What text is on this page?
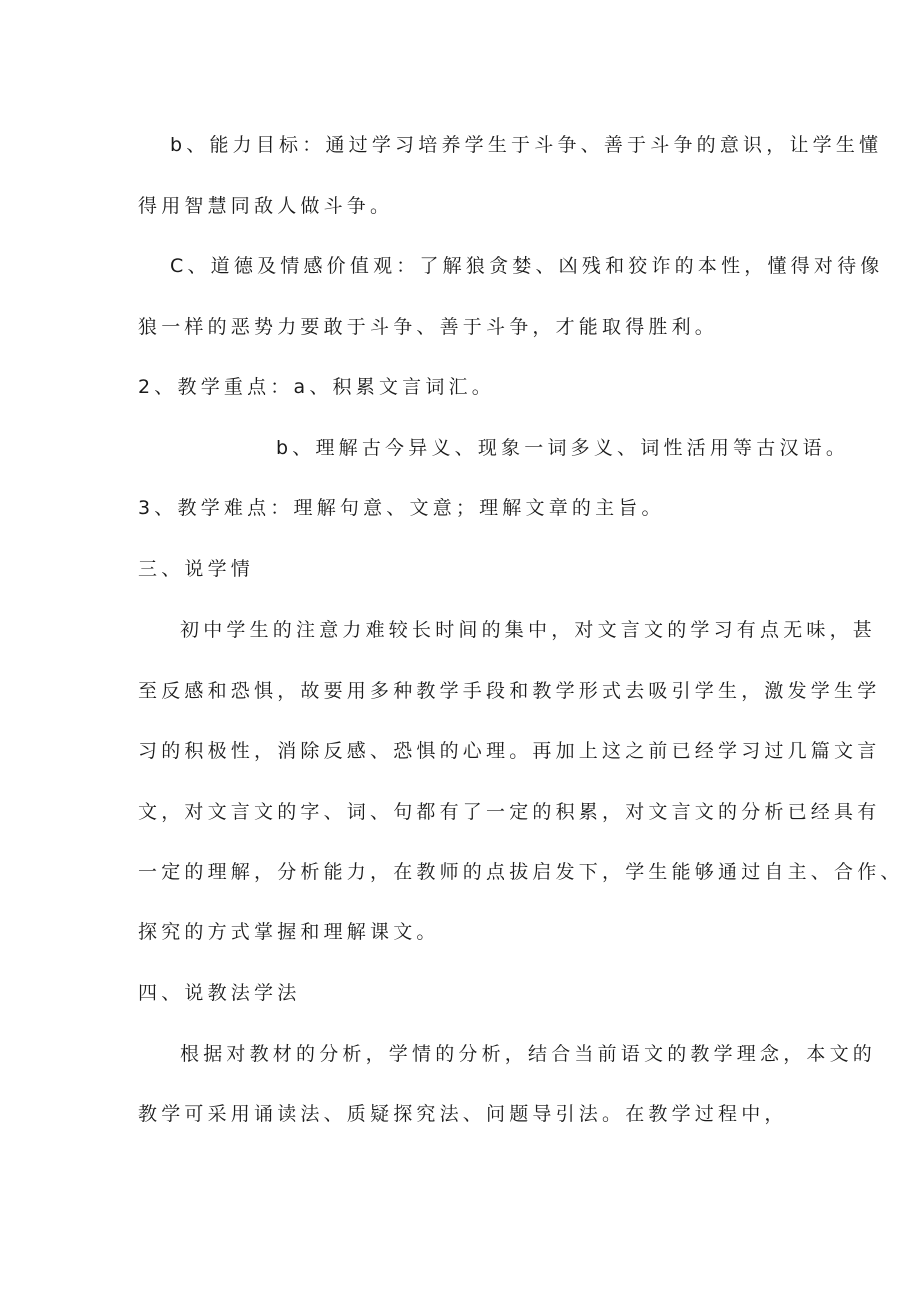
b、能力目标：通过学习培养学生于斗争、善于斗争的意识，让学生懂
得用智慧同敌人做斗争。
C、道德及情感价值观：了解狼贪婪、凶残和狡诈的本性，懂得对待像
狼一样的恶势力要敢于斗争、善于斗争，才能取得胜利。
2、教学重点：a、积累文言词汇。
b、理解古今异义、现象一词多义、词性活用等古汉语。
3、教学难点：理解句意、文意；理解文章的主旨。
三、说学情
初中学生的注意力难较长时间的集中，对文言文的学习有点无味，甚
至反感和恐惧，故要用多种教学手段和教学形式去吸引学生，激发学生学
习的积极性，消除反感、恐惧的心理。再加上这之前已经学习过几篇文言
文，对文言文的字、词、句都有了一定的积累，对文言文的分析已经具有
一定的理解，分析能力，在教师的点拔启发下，学生能够通过自主、合作、
探究的方式掌握和理解课文。
四、说教法学法
根据对教材的分析，学情的分析，结合当前语文的教学理念，本文的
教学可采用诵读法、质疑探究法、问题导引法。在教学过程中，
